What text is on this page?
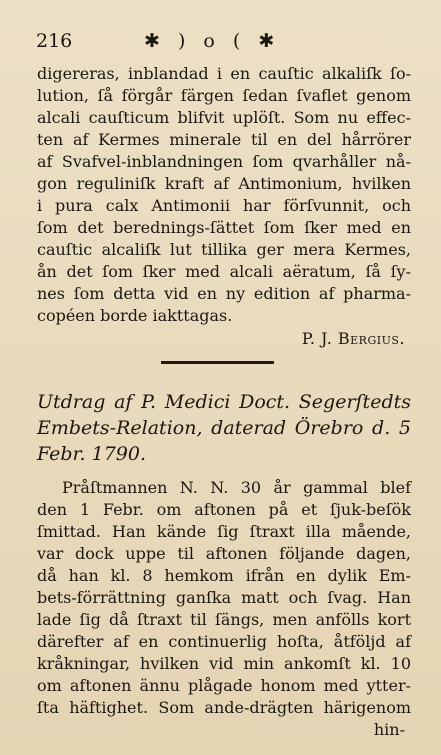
216	✱ ) o ( ✱
digereras, inblandad i en cauſtic alkaliſk ſo-
lution, ſå förgår färgen ſedan ſvaflet genom
alcali cauſticum blifvit uplöſt. Som nu effec-
ten af Kermes minerale til en del hårrörer
af Svafvel-inblandningen ſom qvarhåller nå-
gon reguliniſk kraft af Antimonium, hvilken
i pura calx Antimonii har förſvunnit, och
ſom det berednings-ſättet ſom ſker med en
cauſtic alcaliſk lut tillika ger mera Kermes,
ån det ſom ſker med alcali aëratum, ſå ſy-
nes ſom detta vid en ny edition af pharma-
copéen borde iakttagas.
P. J. Bergius.
Utdrag af P. Medici Doct. Segerſtedts
Embets-Relation, daterad Örebro d. 5
Febr. 1790.
Pråſtmannen N. N. 30 år gammal blef
den 1 Febr. om aftonen på et ſjuk-beſök
ſmittad. Han kände ſig ſtraxt illa mående,
var dock uppe til aftonen följande dagen,
då han kl. 8 hemkom ifrån en dylik Em-
bets-förrättning ganſka matt och ſvag. Han
lade ſig då ſtraxt til ſängs, men anfölls kort
därefter af en continuerlig hoſta, åtföljd af
kråkningar, hvilken vid min ankomſt kl. 10
om aftonen ännu plågade honom med ytter-
ſta häftighet. Som ande-drägten härigenom
hin-
